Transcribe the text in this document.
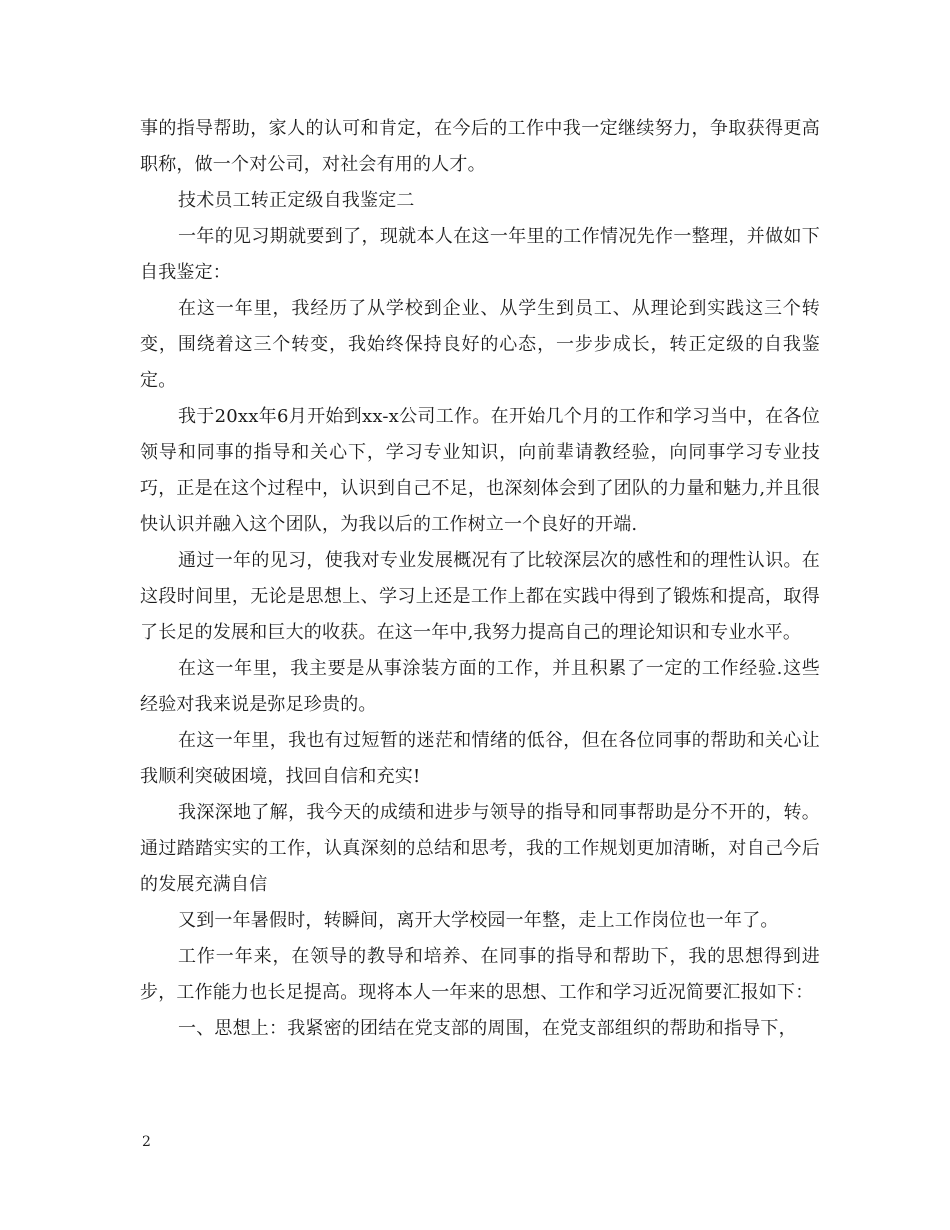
事的指导帮助，家人的认可和肯定，在今后的工作中我一定继续努力，争取获得更高职称，做一个对公司，对社会有用的人才。

技术员工转正定级自我鉴定二

一年的见习期就要到了，现就本人在这一年里的工作情况先作一整理，并做如下自我鉴定：

在这一年里，我经历了从学校到企业、从学生到员工、从理论到实践这三个转变，围绕着这三个转变，我始终保持良好的心态，一步步成长，转正定级的自我鉴定。

我于20xx年6月开始到xx-x公司工作。在开始几个月的工作和学习当中，在各位领导和同事的指导和关心下，学习专业知识，向前辈请教经验，向同事学习专业技巧，正是在这个过程中，认识到自己不足，也深刻体会到了团队的力量和魅力,并且很快认识并融入这个团队，为我以后的工作树立一个良好的开端.

通过一年的见习，使我对专业发展概况有了比较深层次的感性和的理性认识。在这段时间里，无论是思想上、学习上还是工作上都在实践中得到了锻炼和提高，取得了长足的发展和巨大的收获。在这一年中,我努力提高自己的理论知识和专业水平。

在这一年里，我主要是从事涂装方面的工作，并且积累了一定的工作经验.这些经验对我来说是弥足珍贵的。

在这一年里，我也有过短暂的迷茫和情绪的低谷，但在各位同事的帮助和关心让我顺利突破困境，找回自信和充实!

我深深地了解，我今天的成绩和进步与领导的指导和同事帮助是分不开的，转。通过踏踏实实的工作，认真深刻的总结和思考，我的工作规划更加清晰，对自己今后的发展充满自信

又到一年暑假时，转瞬间，离开大学校园一年整，走上工作岗位也一年了。

工作一年来，在领导的教导和培养、在同事的指导和帮助下，我的思想得到进步，工作能力也长足提高。现将本人一年来的思想、工作和学习近况简要汇报如下：

一、思想上：我紧密的团结在党支部的周围，在党支部组织的帮助和指导下，

2
